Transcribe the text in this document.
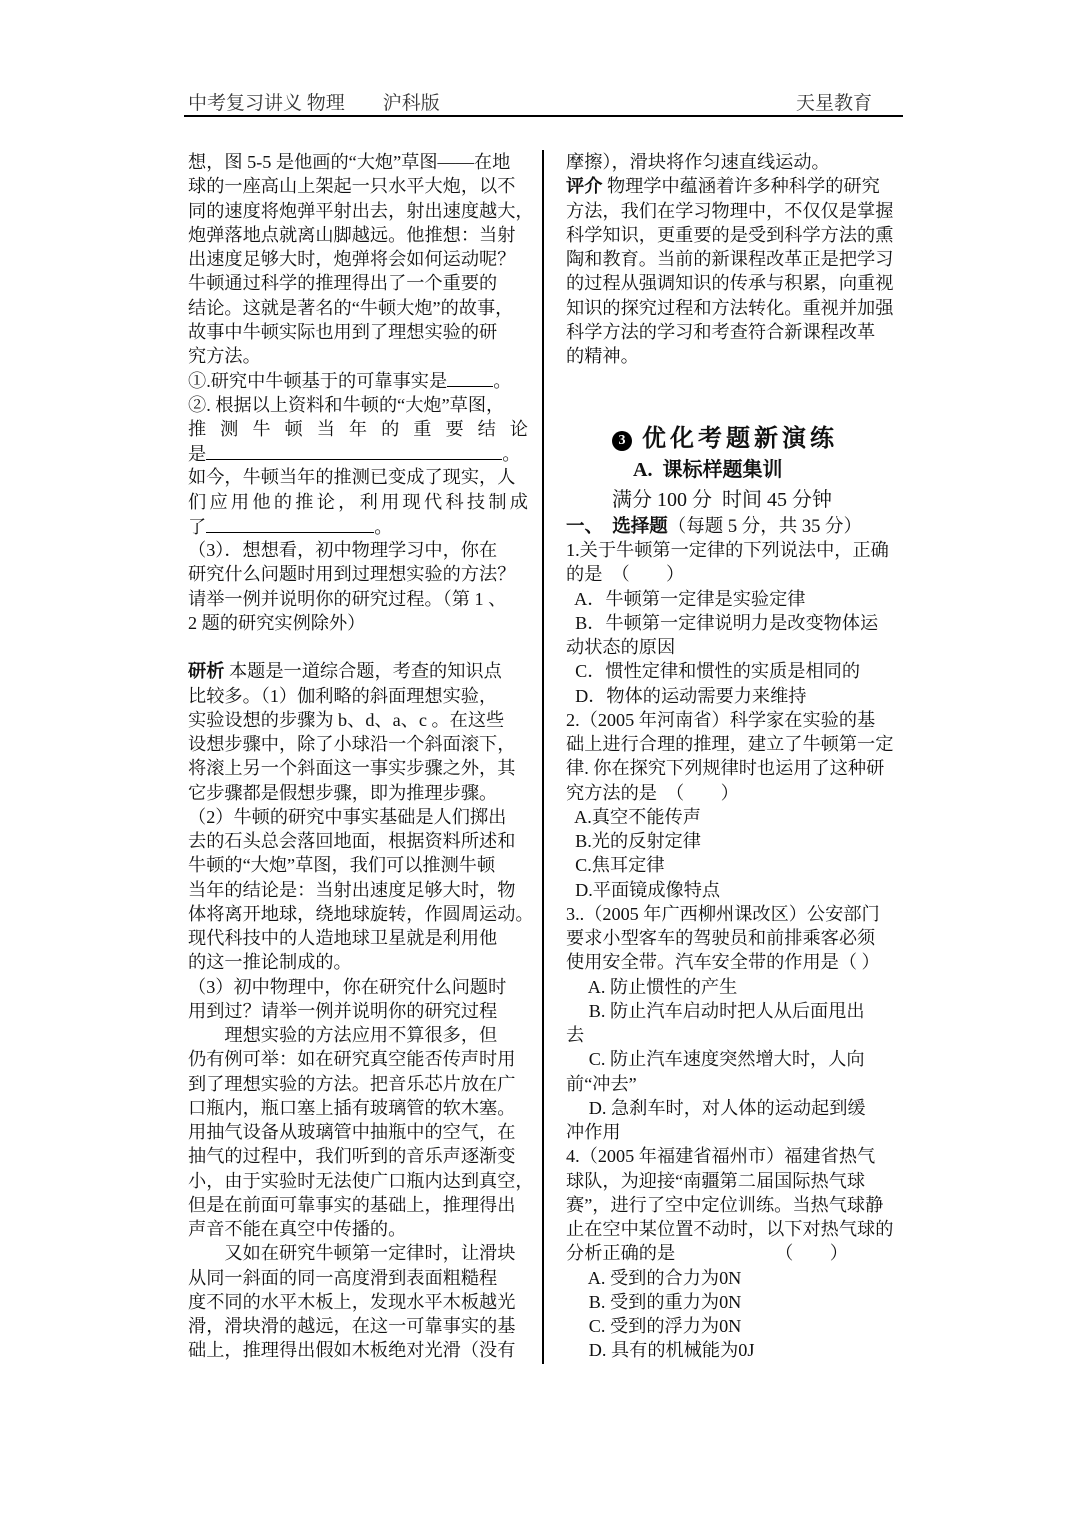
中考复习讲义 物理　　沪科版	天星教育
想，图 5-5 是他画的“大炮”草图——在地
球的一座高山上架起一只水平大炮，以不
同的速度将炮弹平射出去，射出速度越大，
炮弹落地点就离山脚越远。他推想：当射
出速度足够大时，炮弹将会如何运动呢？
牛顿通过科学的推理得出了一个重要的
结论。这就是著名的“牛顿大炮”的故事，
故事中牛顿实际也用到了理想实验的研
究方法。
①.研究中牛顿基于的可靠事实是	。
②. 根据以上资料和牛顿的“大炮”草图，
推测牛顿当年的重要结论
是	。
如今，牛顿当年的推测已变成了现实，人
们应用他的推论，利用现代科技制成
了	。
（3）．想想看，初中物理学习中，你在
研究什么问题时用到过理想实验的方法？
请举一例并说明你的研究过程。（第 1 、
2 题的研究实例除外）
研析 本题是一道综合题，考查的知识点
比较多。（1）伽利略的斜面理想实验，
实验设想的步骤为 b、d、a、c 。在这些
设想步骤中，除了小球沿一个斜面滚下，
将滚上另一个斜面这一事实步骤之外，其
它步骤都是假想步骤，即为推理步骤。
（2）牛顿的研究中事实基础是人们掷出
去的石头总会落回地面，根据资料所述和
牛顿的“大炮”草图，我们可以推测牛顿
当年的结论是：当射出速度足够大时，物
体将离开地球，绕地球旋转，作圆周运动。
现代科技中的人造地球卫星就是利用他
的这一推论制成的。
（3）初中物理中，你在研究什么问题时
用到过？请举一例并说明你的研究过程
　　理想实验的方法应用不算很多，但
仍有例可举：如在研究真空能否传声时用
到了理想实验的方法。把音乐芯片放在广
口瓶内，瓶口塞上插有玻璃管的软木塞。
用抽气设备从玻璃管中抽瓶中的空气，在
抽气的过程中，我们听到的音乐声逐渐变
小，由于实验时无法使广口瓶内达到真空，
但是在前面可靠事实的基础上，推理得出
声音不能在真空中传播的。
　　又如在研究牛顿第一定律时，让滑块
从同一斜面的同一高度滑到表面粗糙程
度不同的水平木板上，发现水平木板越光
滑，滑块滑的越远，在这一可靠事实的基
础上，推理得出假如木板绝对光滑（没有
摩擦），滑块将作匀速直线运动。
评介 物理学中蕴涵着许多种科学的研究
方法，我们在学习物理中，不仅仅是掌握
科学知识，更重要的是受到科学方法的熏
陶和教育。当前的新课程改革正是把学习
的过程从强调知识的传承与积累，向重视
知识的探究过程和方法转化。重视并加强
科学方法的学习和考查符合新课程改革
的精神。
3 优化考题新演练
A.  课标样题集训
满分 100 分  时间 45 分钟
一、  选择题（每题 5 分，共 35 分）
1.关于牛顿第一定律的下列说法中，正确
的是　（　　）
A．牛顿第一定律是实验定律
B．牛顿第一定律说明力是改变物体运
动状态的原因
C．惯性定律和惯性的实质是相同的
D．物体的运动需要力来维持
2.（2005 年河南省）科学家在实验的基
础上进行合理的推理，建立了牛顿第一定
律. 你在探究下列规律时也运用了这种研
究方法的是　（　　）
A.真空不能传声
B.光的反射定律
C.焦耳定律
D.平面镜成像特点
3..（2005 年广西柳州课改区）公安部门
要求小型客车的驾驶员和前排乘客必须
使用安全带。汽车安全带的作用是（ ）
A. 防止惯性的产生
B. 防止汽车启动时把人从后面甩出
去
C. 防止汽车速度突然增大时，人向
前“冲去”
D. 急刹车时，对人体的运动起到缓
冲作用
4.（2005 年福建省福州市）福建省热气
球队，为迎接“南疆第二届国际热气球
赛”，进行了空中定位训练。当热气球静
止在空中某位置不动时，以下对热气球的
分析正确的是　　　　　　（　　）
A. 受到的合力为0N
B. 受到的重力为0N
C. 受到的浮力为0N
D. 具有的机械能为0J
